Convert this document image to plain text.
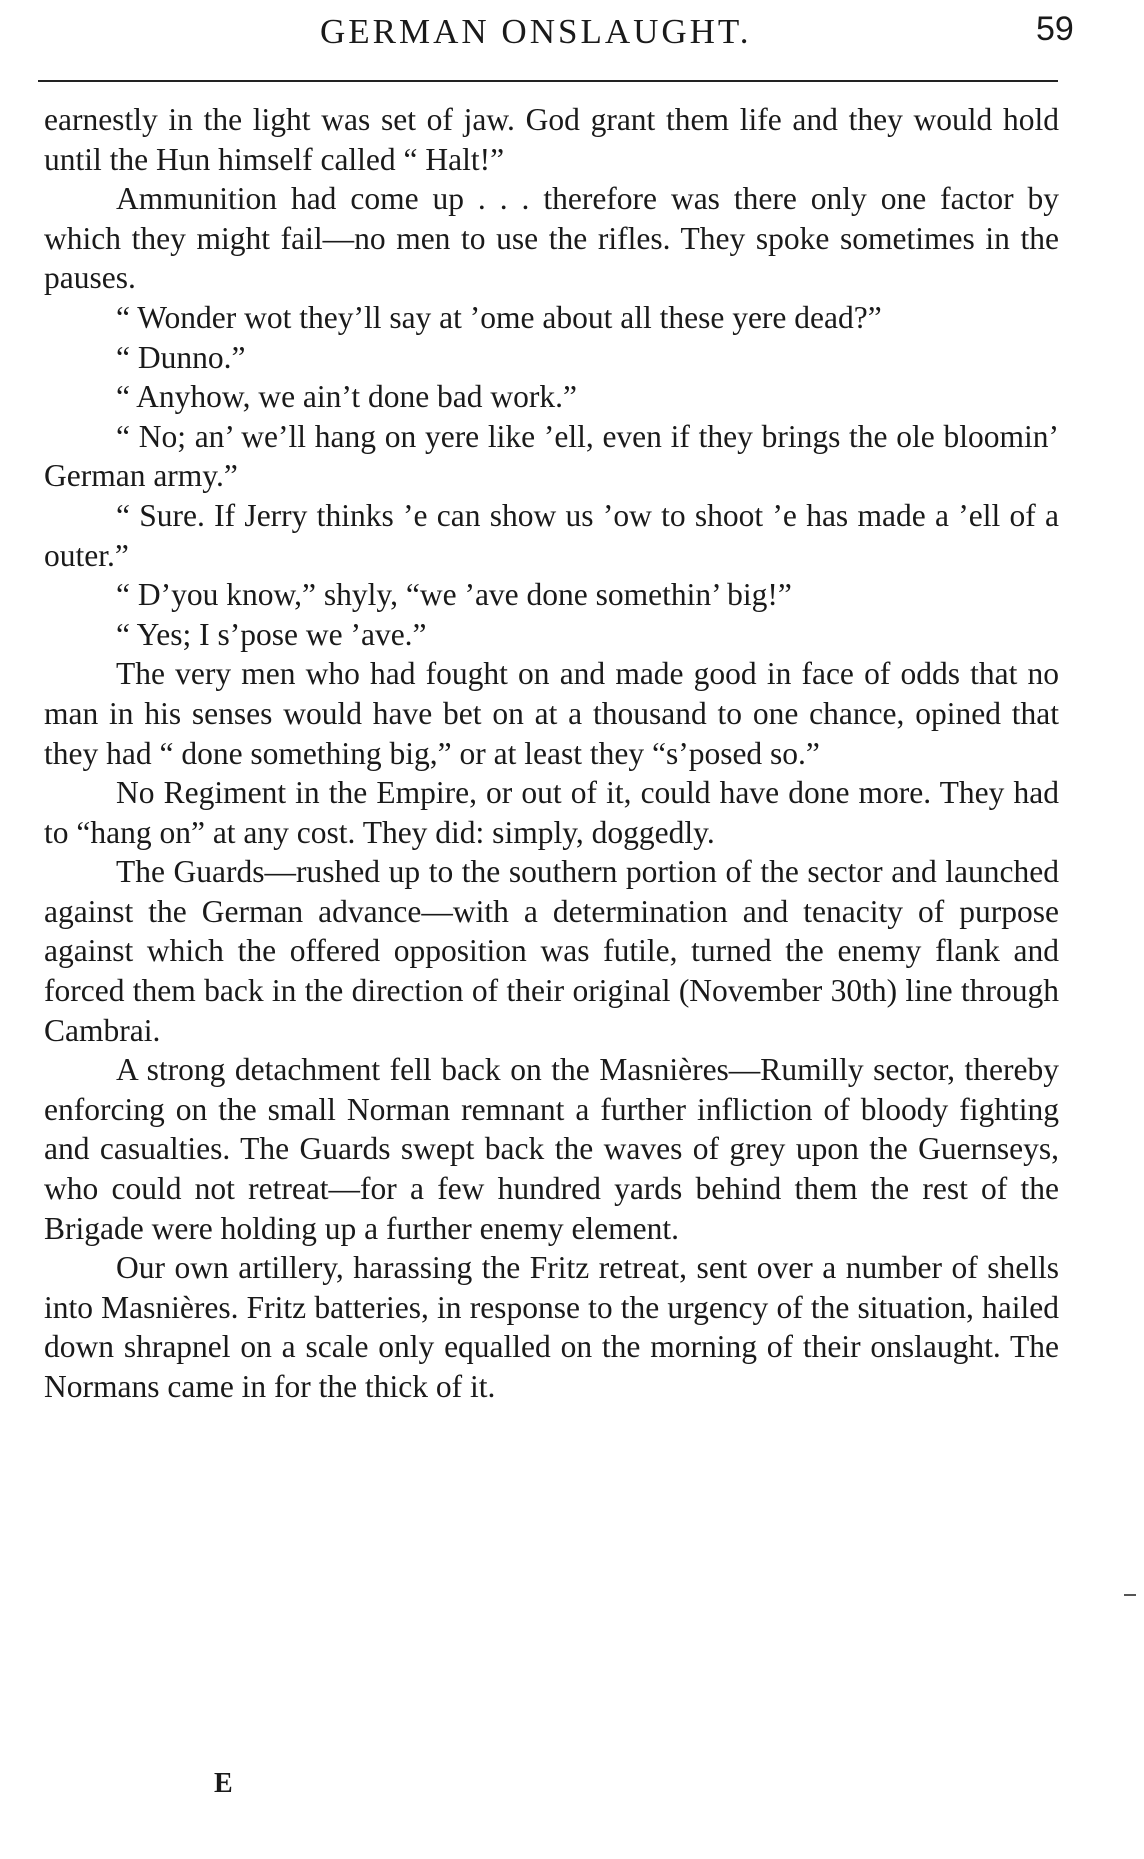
GERMAN ONSLAUGHT.	59

earnestly in the light was set of jaw. God grant them life and they would hold until the Hun himself called “ Halt!”

Ammunition had come up . . . therefore was there only one factor by which they might fail—no men to use the rifles. They spoke sometimes in the pauses.

“ Wonder wot they’ll say at ’ome about all these yere dead?”

“ Dunno.”

“ Anyhow, we ain’t done bad work.”

“ No; an’ we’ll hang on yere like ’ell, even if they brings the ole bloomin’ German army.”

“ Sure. If Jerry thinks ’e can show us ’ow to shoot ’e has made a ’ell of a outer.”

“ D’you know,” shyly, “we ’ave done somethin’ big!”

“ Yes; I s’pose we ’ave.”

The very men who had fought on and made good in face of odds that no man in his senses would have bet on at a thousand to one chance, opined that they had “ done something big,” or at least they “s’posed so.”

No Regiment in the Empire, or out of it, could have done more. They had to “hang on” at any cost. They did: simply, doggedly.

The Guards—rushed up to the southern portion of the sector and launched against the German advance—with a determination and tenacity of purpose against which the offered opposition was futile, turned the enemy flank and forced them back in the direction of their original (November 30th) line through Cambrai.

A strong detachment fell back on the Masnières—Rumilly sector, thereby enforcing on the small Norman remnant a further infliction of bloody fighting and casualties. The Guards swept back the waves of grey upon the Guernseys, who could not retreat—for a few hundred yards behind them the rest of the Brigade were holding up a further enemy element.

Our own artillery, harassing the Fritz retreat, sent over a number of shells into Masnières. Fritz batteries, in response to the urgency of the situation, hailed down shrapnel on a scale only equalled on the morning of their onslaught. The Normans came in for the thick of it.

E
